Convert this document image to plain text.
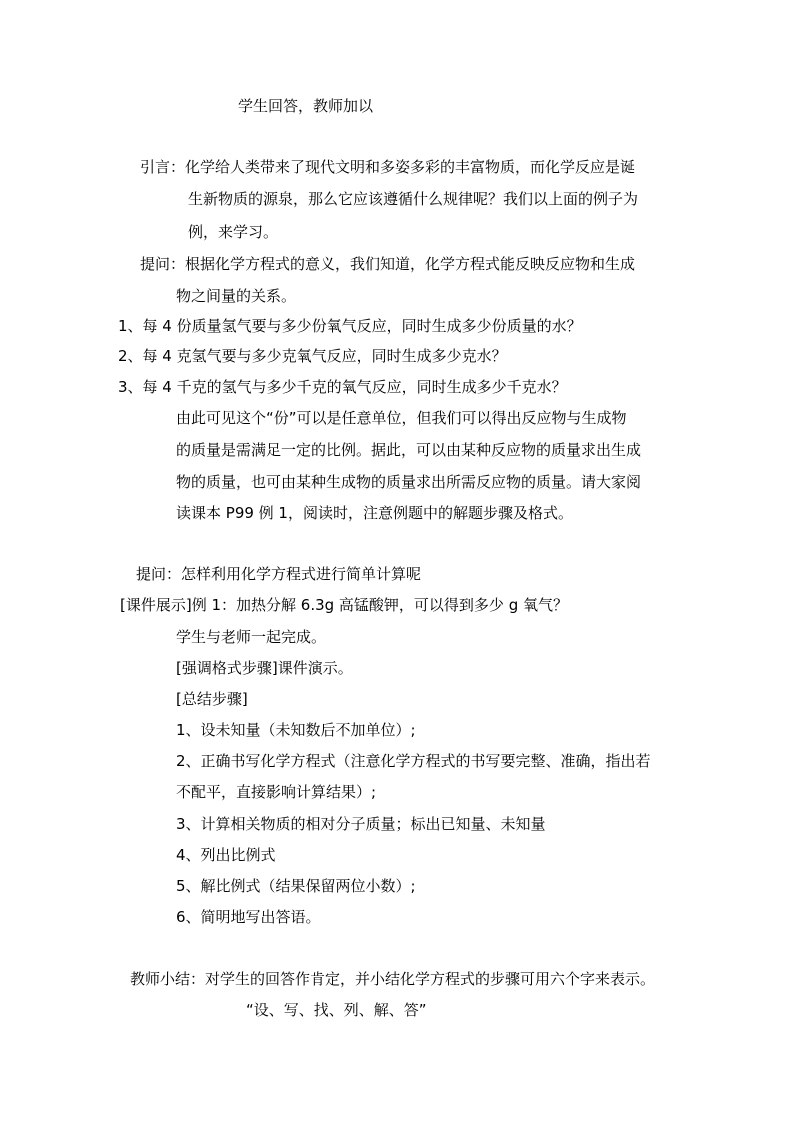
学生回答，教师加以
引言：化学给人类带来了现代文明和多姿多彩的丰富物质，而化学反应是诞
生新物质的源泉，那么它应该遵循什么规律呢？我们以上面的例子为
例，来学习。
提问：根据化学方程式的意义，我们知道，化学方程式能反映反应物和生成
物之间量的关系。
1、每 4 份质量氢气要与多少份氧气反应，同时生成多少份质量的水？
2、每 4 克氢气要与多少克氧气反应，同时生成多少克水？
3、每 4 千克的氢气与多少千克的氧气反应，同时生成多少千克水？
由此可见这个“份”可以是任意单位，但我们可以得出反应物与生成物
的质量是需满足一定的比例。据此，可以由某种反应物的质量求出生成
物的质量，也可由某种生成物的质量求出所需反应物的质量。请大家阅
读课本 P99 例 1，阅读时，注意例题中的解题步骤及格式。
提问：怎样利用化学方程式进行简单计算呢
[课件展示]例 1：加热分解 6.3g 高锰酸钾，可以得到多少 g 氧气？
学生与老师一起完成。
[强调格式步骤]课件演示。
[总结步骤]
1、设未知量（未知数后不加单位）;
2、正确书写化学方程式（注意化学方程式的书写要完整、准确，指出若
不配平，直接影响计算结果）;
3、计算相关物质的相对分子质量；标出已知量、未知量
4、列出比例式
5、解比例式（结果保留两位小数）;
6、简明地写出答语。
教师小结：对学生的回答作肯定，并小结化学方程式的步骤可用六个字来表示。
“设、写、找、列、解、答”
